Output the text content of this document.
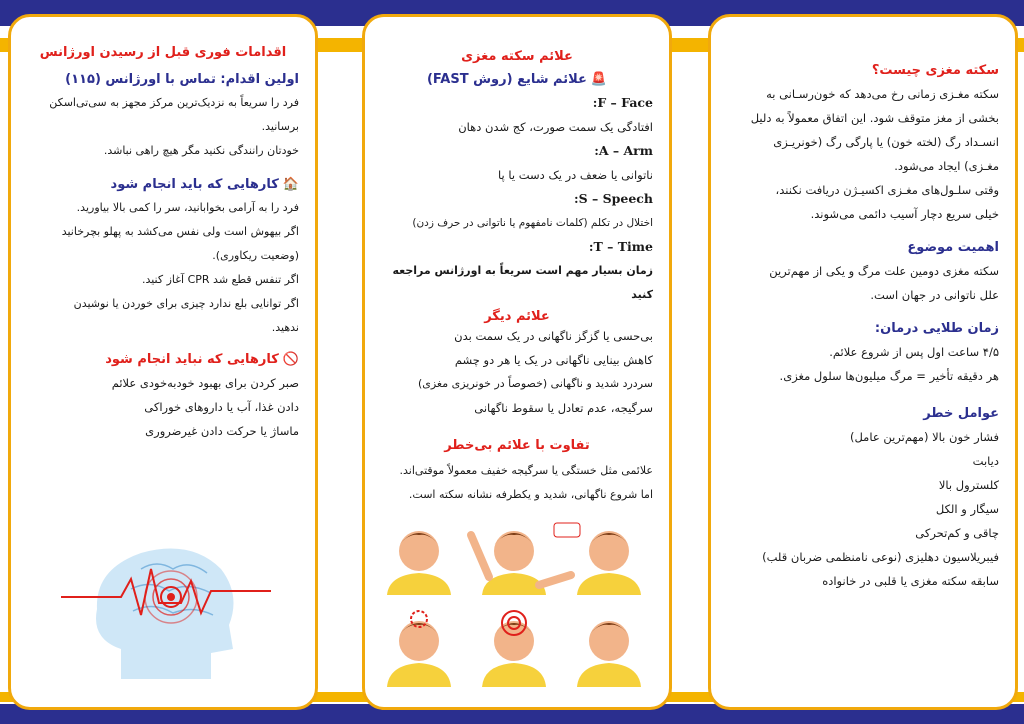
سکته مغزی چیست؟
سکته مغـزی زمانی رخ می‌دهد که خون‌رسـانی به
بخشی از مغز متوقف شود. این اتفاق معمولاً به دلیل
انسـداد رگ (لخته خون) یا پارگی رگ (خونریـزی
مغـزی) ایجاد می‌شود.
وقتی سلـول‌های مغـزی اکسیـژن دریافت نکنند،
خیلی سریع دچار آسیب دائمی می‌شوند.
اهمیت موضوع
سکته مغزی دومین علت مرگ و یکی از مهم‌ترین
علل ناتوانی در جهان است.
زمان طلایی درمان:
۴/۵ ساعت اول پس از شروع علائم.
هر دقیقه تأخیر = مرگ میلیون‌ها سلول مغزی.
عوامل خطر
فشار خون بالا (مهم‌ترین عامل)
دیابت
کلسترول بالا
سیگار و الکل
چاقی و کم‌تحرکی
فیبریلاسیون دهلیزی (نوعی نامنظمی ضربان قلب)
سابقه سکته مغزی یا قلبی در خانواده
علائم سکته مغزی
🚨علائم شایع (روش FAST)
F – Face:
افتادگی یک سمت صورت، کج شدن دهان
A – Arm:
ناتوانی یا ضعف در یک دست یا پا
S – Speech:
اختلال در تکلم (کلمات نامفهوم یا ناتوانی در حرف زدن)
T – Time:
زمان بسیار مهم است سریعاً به اورژانس مراجعه کنید
علائم دیگر
بی‌حسی یا گزگز ناگهانی در یک سمت بدن
کاهش بینایی ناگهانی در یک یا هر دو چشم
سردرد شدید و ناگهانی (خصوصاً در خونریزی مغزی)
سرگیجه، عدم تعادل یا سقوط ناگهانی
تفاوت با علائم بی‌خطر
علائمی مثل خستگی یا سرگیجه خفیف معمولاً موقتی‌اند.
اما شروع ناگهانی، شدید و یکطرفه نشانه سکته است.
اقدامات فوری قبل از رسیدن اورژانس
اولین اقدام: تماس با اورژانس (۱۱۵)
فرد را سریعاً به نزدیک‌ترین مرکز مجهز به سی‌تی‌اسکن
برسانید.
خودتان رانندگی نکنید مگر هیچ راهی نباشد.
🏠کارهایی که باید انجام شود
فرد را به آرامی بخوابانید، سر را کمی بالا بیاورید.
اگر بیهوش است ولی نفس می‌کشد به پهلو بچرخانید
(وضعیت ریکاوری).
اگر تنفس قطع شد CPR آغاز کنید.
اگر توانایی بلع ندارد چیزی برای خوردن یا نوشیدن
ندهید.
🚫کارهایی که نباید انجام شود
صبر کردن برای بهبود خودبه‌خودی علائم
دادن غذا، آب یا داروهای خوراکی
ماساژ یا حرکت دادن غیرضروری
